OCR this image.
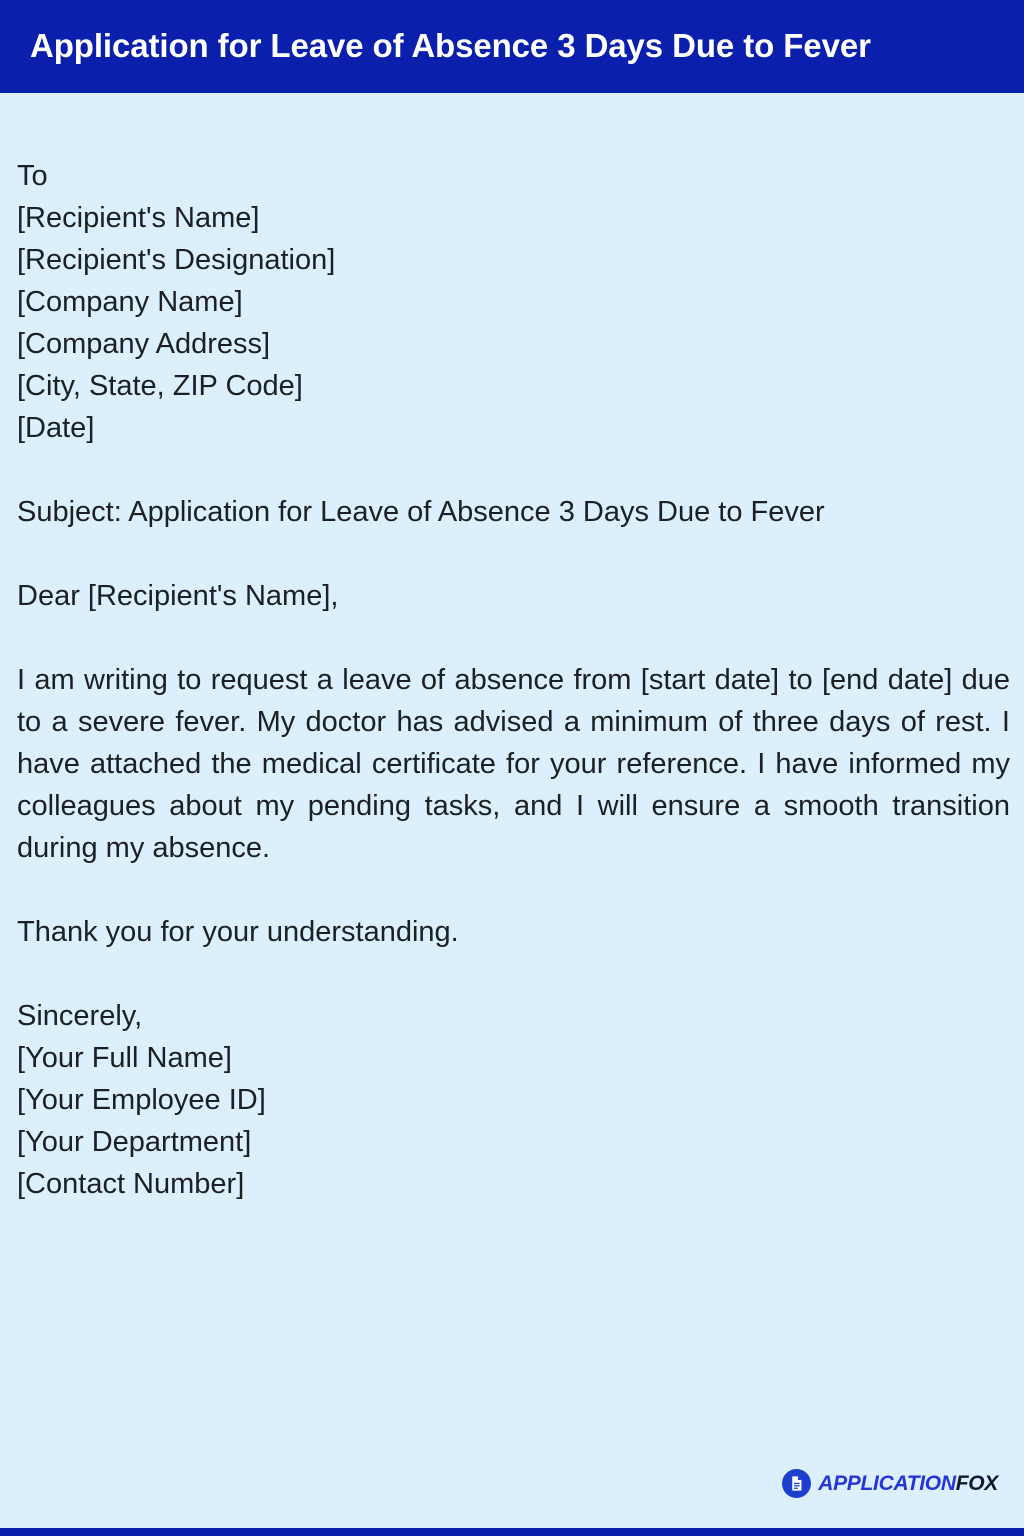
Application for Leave of Absence 3 Days Due to Fever
To
[Recipient's Name]
[Recipient's Designation]
[Company Name]
[Company Address]
[City, State, ZIP Code]
[Date]
Subject: Application for Leave of Absence 3 Days Due to Fever
Dear [Recipient's Name],

I am writing to request a leave of absence from [start date] to [end date] due to a severe fever. My doctor has advised a minimum of three days of rest. I have attached the medical certificate for your reference. I have informed my colleagues about my pending tasks, and I will ensure a smooth transition during my absence.

Thank you for your understanding.
Sincerely,
[Your Full Name]
[Your Employee ID]
[Your Department]
[Contact Number]
APPLICATIONFOX
